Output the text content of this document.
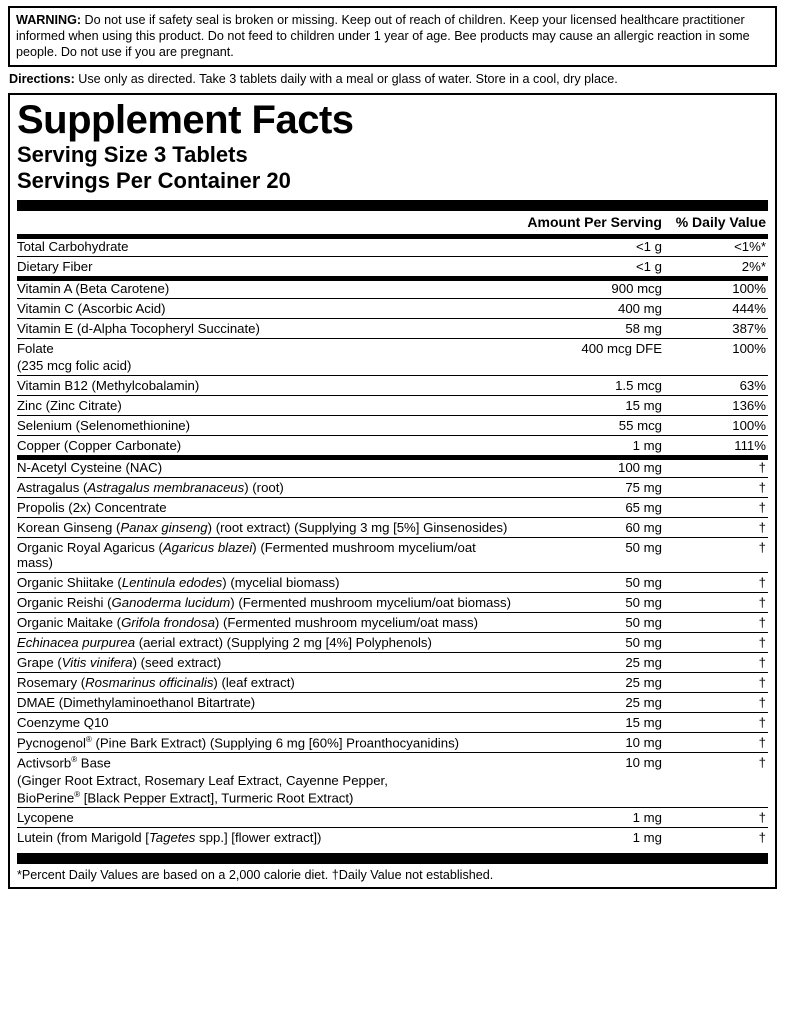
WARNING: Do not use if safety seal is broken or missing. Keep out of reach of children. Keep your licensed healthcare practitioner informed when using this product. Do not feed to children under 1 year of age. Bee products may cause an allergic reaction in some people. Do not use if you are pregnant.
Directions: Use only as directed. Take 3 tablets daily with a meal or glass of water. Store in a cool, dry place.
Supplement Facts
Serving Size 3 Tablets
Servings Per Container 20
	Amount Per Serving	% Daily Value
Total Carbohydrate	<1 g	<1%*
Dietary Fiber	<1 g	2%*
Vitamin A (Beta Carotene)	900 mcg	100%
Vitamin C (Ascorbic Acid)	400 mg	444%
Vitamin E (d-Alpha Tocopheryl Succinate)	58 mg	387%
Folate	400 mcg DFE	100%
(235 mcg folic acid)		
Vitamin B12 (Methylcobalamin)	1.5 mcg	63%
Zinc (Zinc Citrate)	15 mg	136%
Selenium (Selenomethionine)	55 mcg	100%
Copper (Copper Carbonate)	1 mg	111%
N-Acetyl Cysteine (NAC)	100 mg	†
Astragalus (Astragalus membranaceus) (root)	75 mg	†
Propolis (2x) Concentrate	65 mg	†
Korean Ginseng (Panax ginseng) (root extract) (Supplying 3 mg [5%] Ginsenosides)	60 mg	†
Organic Royal Agaricus (Agaricus blazei) (Fermented mushroom mycelium/oat mass)	50 mg	†
Organic Shiitake (Lentinula edodes) (mycelial biomass)	50 mg	†
Organic Reishi (Ganoderma lucidum) (Fermented mushroom mycelium/oat biomass)	50 mg	†
Organic Maitake (Grifola frondosa) (Fermented mushroom mycelium/oat mass)	50 mg	†
Echinacea purpurea (aerial extract) (Supplying 2 mg [4%] Polyphenols)	50 mg	†
Grape (Vitis vinifera) (seed extract)	25 mg	†
Rosemary (Rosmarinus officinalis) (leaf extract)	25 mg	†
DMAE (Dimethylaminoethanol Bitartrate)	25 mg	†
Coenzyme Q10	15 mg	†
Pycnogenol® (Pine Bark Extract) (Supplying 6 mg [60%] Proanthocyanidins)	10 mg	†
Activsorb® Base	10 mg	†
(Ginger Root Extract, Rosemary Leaf Extract, Cayenne Pepper,		
BioPerine® [Black Pepper Extract], Turmeric Root Extract)		
Lycopene	1 mg	†
Lutein (from Marigold [Tagetes spp.] [flower extract])	1 mg	†
*Percent Daily Values are based on a 2,000 calorie diet. †Daily Value not established.
